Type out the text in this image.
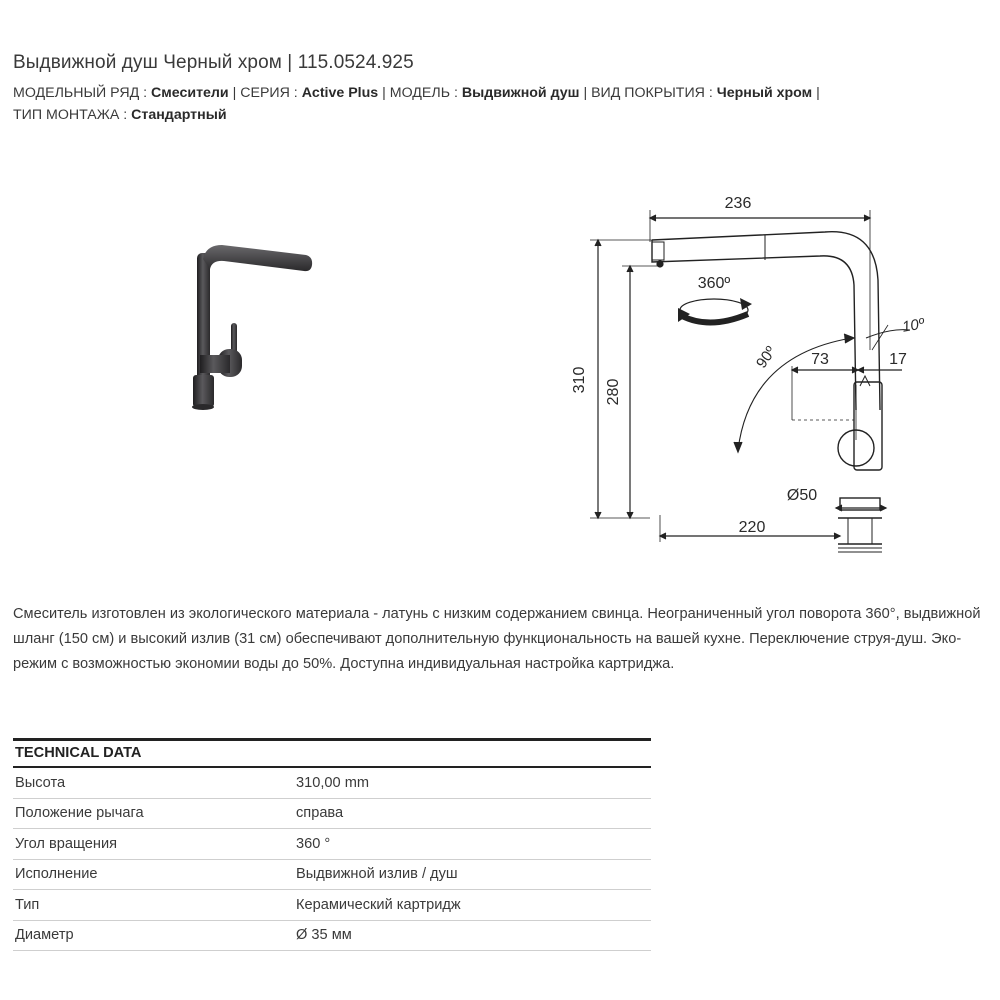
Выдвижной душ Черный хром | 115.0524.925
МОДЕЛЬНЫЙ РЯД : Смесители | СЕРИЯ : Active Plus | МОДЕЛЬ : Выдвижной душ | ВИД ПОКРЫТИЯ : Черный хром |
ТИП МОНТАЖА : Стандартный
236
310 280
360º
90º
10º
73	17
Ø50
220
Смеситель изготовлен из экологического материала - латунь с низким содержанием свинца. Неограниченный угол поворота 360°, выдвижной шланг (150 см) и высокий излив (31 см) обеспечивают дополнительную функциональность на вашей кухне. Переключение струя-душ. Эко-режим с возможностью экономии воды до 50%. Доступна индивидуальная настройка картриджа.
TECHNICAL DATA
Высота	310,00 mm
Положение рычага	справа
Угол вращения	360 °
Исполнение	Выдвижной излив / душ
Тип	Керамический картридж
Диаметр	Ø 35 мм
